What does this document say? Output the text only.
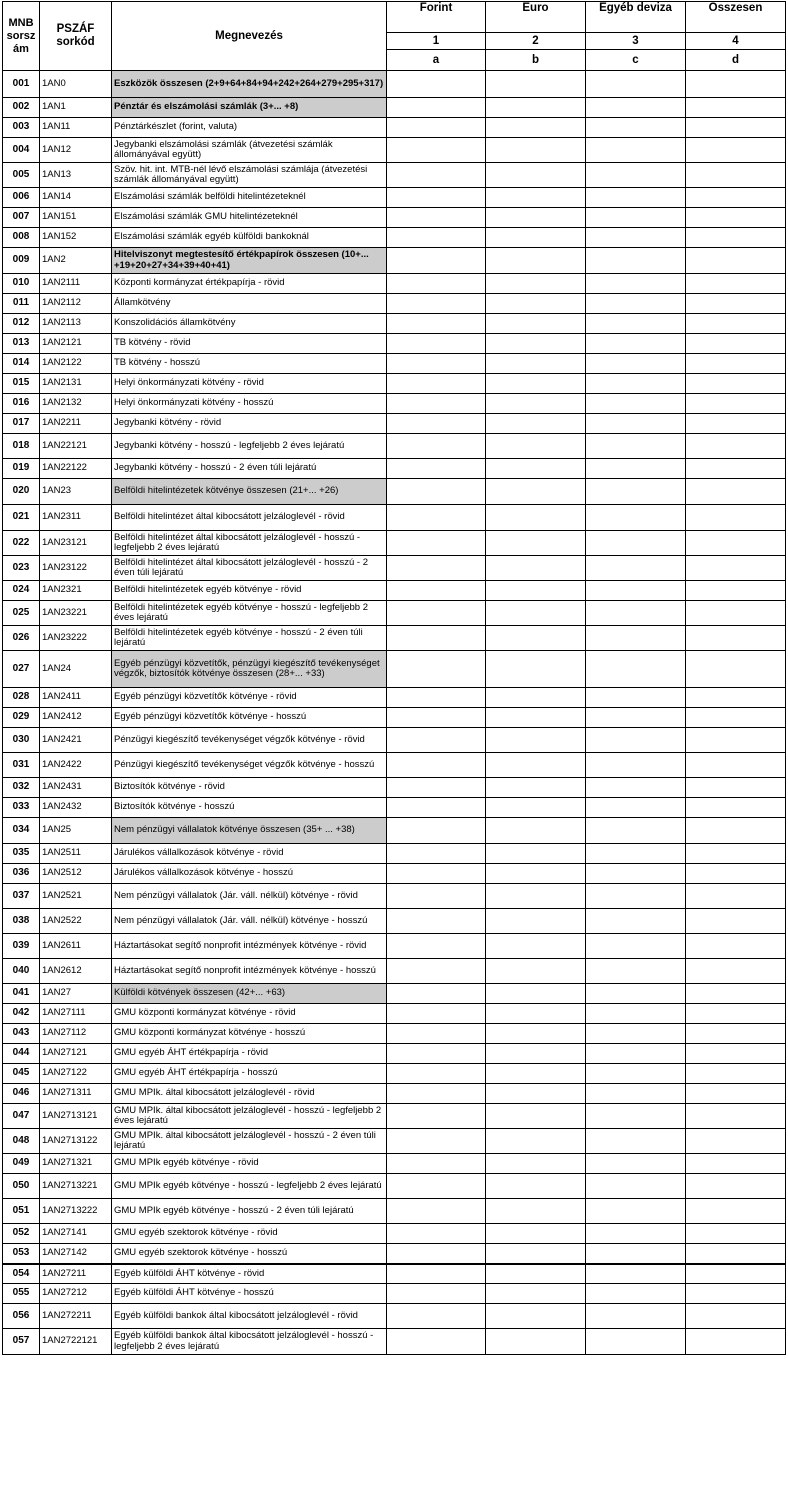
MNB sorsz ám	PSZÁF sorkód	Megnevezés	Forint	Euro	Egyéb deviza	Összesen
			1	2	3	4
			a	b	c	d
001	1AN0	Eszközök összesen (2+9+64+84+94+242+264+279+295+317)				
002	1AN1	Pénztár és elszámolási számlák (3+... +8)				
003	1AN11	Pénztárkészlet (forint, valuta)				
004	1AN12	Jegybanki elszámolási számlák (átvezetési számlák állományával együtt)				
005	1AN13	Szöv. hit. int. MTB-nél lévő elszámolási számlája (átvezetési számlák állományával együtt)				
006	1AN14	Elszámolási számlák belföldi hitelintézeteknél				
007	1AN151	Elszámolási számlák GMU hitelintézeteknél				
008	1AN152	Elszámolási számlák egyéb külföldi bankoknál				
009	1AN2	Hitelviszonyt megtestesítő értékpapírok összesen (10+... +19+20+27+34+39+40+41)				
010	1AN2111	Központi kormányzat értékpapírja - rövid				
011	1AN2112	Államkötvény				
012	1AN2113	Konszolidációs államkötvény				
013	1AN2121	TB kötvény - rövid				
014	1AN2122	TB kötvény - hosszú				
015	1AN2131	Helyi önkormányzati kötvény - rövid				
016	1AN2132	Helyi önkormányzati kötvény - hosszú				
017	1AN2211	Jegybanki kötvény - rövid				
018	1AN22121	Jegybanki kötvény - hosszú - legfeljebb 2 éves lejáratú				
019	1AN22122	Jegybanki kötvény - hosszú - 2 éven túli lejáratú				
020	1AN23	Belföldi hitelintézetek kötvénye összesen (21+... +26)				
021	1AN2311	Belföldi hitelintézet által kibocsátott jelzáloglevél - rövid				
022	1AN23121	Belföldi hitelintézet által kibocsátott jelzáloglevél - hosszú - legfeljebb 2 éves lejáratú				
023	1AN23122	Belföldi hitelintézet által kibocsátott jelzáloglevél - hosszú - 2 éven túli lejáratú				
024	1AN2321	Belföldi hitelintézetek egyéb kötvénye - rövid				
025	1AN23221	Belföldi hitelintézetek egyéb kötvénye - hosszú - legfeljebb 2 éves lejáratú				
026	1AN23222	Belföldi hitelintézetek egyéb kötvénye - hosszú - 2 éven túli lejáratú				
027	1AN24	Egyéb pénzügyi közvetítők, pénzügyi kiegészítő tevékenységet végzők, biztosítók kötvénye összesen (28+... +33)				
028	1AN2411	Egyéb pénzügyi közvetítők kötvénye - rövid				
029	1AN2412	Egyéb pénzügyi közvetítők kötvénye - hosszú				
030	1AN2421	Pénzügyi kiegészítő tevékenységet végzők kötvénye - rövid				
031	1AN2422	Pénzügyi kiegészítő tevékenységet végzők kötvénye - hosszú				
032	1AN2431	Biztosítók kötvénye - rövid				
033	1AN2432	Biztosítók kötvénye - hosszú				
034	1AN25	Nem pénzügyi vállalatok kötvénye összesen (35+ ... +38)				
035	1AN2511	Járulékos vállalkozások kötvénye - rövid				
036	1AN2512	Járulékos vállalkozások kötvénye - hosszú				
037	1AN2521	Nem pénzügyi vállalatok (Jár. váll. nélkül) kötvénye - rövid				
038	1AN2522	Nem pénzügyi vállalatok (Jár. váll. nélkül) kötvénye - hosszú				
039	1AN2611	Háztartásokat segítő nonprofit intézmények kötvénye - rövid				
040	1AN2612	Háztartásokat segítő nonprofit intézmények kötvénye - hosszú				
041	1AN27	Külföldi kötvények összesen (42+... +63)				
042	1AN27111	GMU központi kormányzat kötvénye - rövid				
043	1AN27112	GMU központi kormányzat kötvénye - hosszú				
044	1AN27121	GMU egyéb ÁHT értékpapírja - rövid				
045	1AN27122	GMU egyéb ÁHT értékpapírja - hosszú				
046	1AN271311	GMU MPIk. által kibocsátott jelzáloglevél - rövid				
047	1AN2713121	GMU MPIk. által kibocsátott jelzáloglevél - hosszú - legfeljebb 2 éves lejáratú				
048	1AN2713122	GMU MPIk. által kibocsátott jelzáloglevél - hosszú - 2 éven túli lejáratú				
049	1AN271321	GMU MPIk egyéb kötvénye - rövid				
050	1AN2713221	GMU MPIk egyéb kötvénye - hosszú - legfeljebb 2 éves lejáratú				
051	1AN2713222	GMU MPIk egyéb kötvénye - hosszú - 2 éven túli lejáratú				
052	1AN27141	GMU egyéb szektorok kötvénye - rövid				
053	1AN27142	GMU egyéb szektorok kötvénye - hosszú				
054	1AN27211	Egyéb külföldi ÁHT kötvénye - rövid				
055	1AN27212	Egyéb külföldi ÁHT kötvénye - hosszú				
056	1AN272211	Egyéb külföldi bankok által kibocsátott jelzáloglevél - rövid				
057	1AN2722121	Egyéb külföldi bankok által kibocsátott jelzáloglevél - hosszú - legfeljebb 2 éves lejáratú				
